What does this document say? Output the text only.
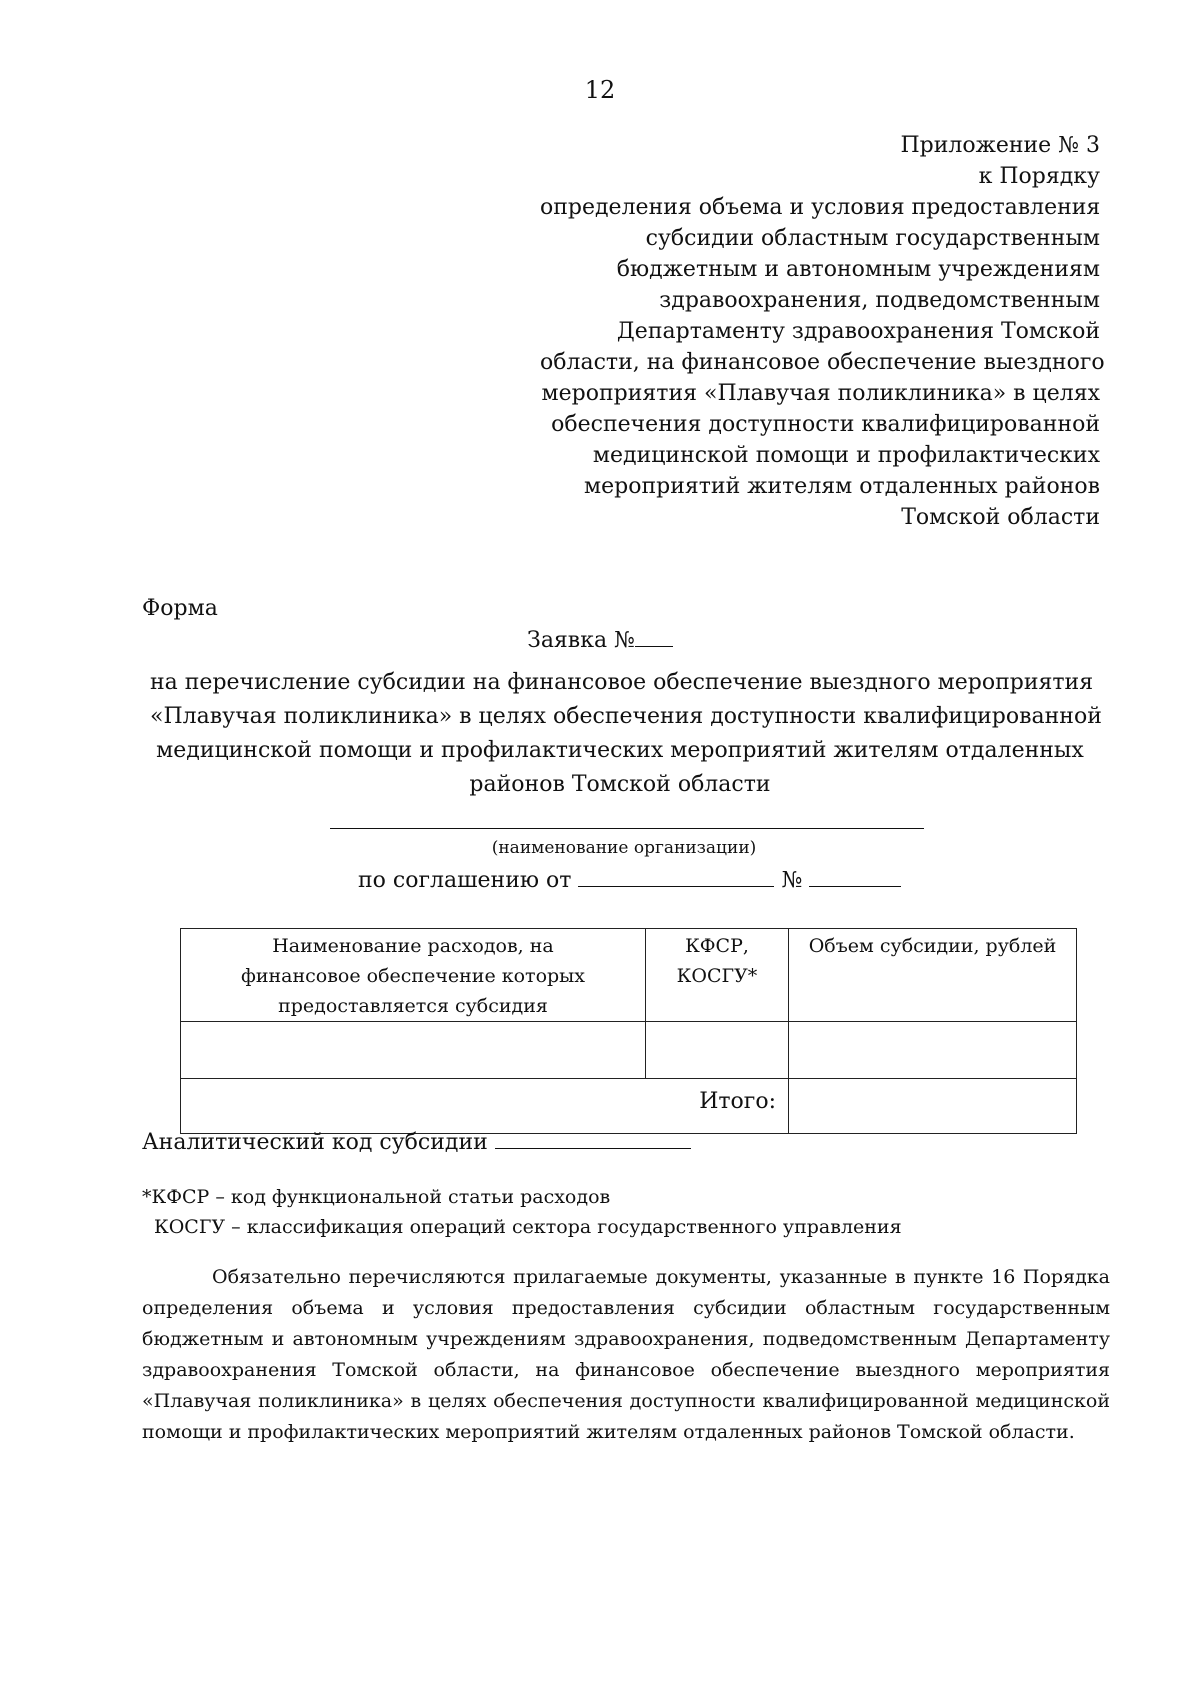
12
Приложение № 3
к Порядку
определения объема и условия предоставления
субсидии областным государственным
бюджетным и автономным учреждениям
здравоохранения, подведомственным
Департаменту здравоохранения Томской
области, на финансовое обеспечение выездного
мероприятия «Плавучая поликлиника» в целях
обеспечения доступности квалифицированной
медицинской помощи и профилактических
мероприятий жителям отдаленных районов
Томской области
Форма
Заявка №
на перечисление субсидии на финансовое обеспечение выездного мероприятия
«Плавучая поликлиника» в целях обеспечения доступности квалифицированной
медицинской помощи и профилактических мероприятий жителям отдаленных
районов Томской области
(наименование организации)
по соглашению от	№
Наименование расходов, на финансовое обеспечение которых предоставляется субсидия	КФСР, КОСГУ*	Объем субсидии, рублей

Итого:		
Аналитический код субсидии
*КФСР – код функциональной статьи расходов
КОСГУ – классификация операций сектора государственного управления
Обязательно перечисляются прилагаемые документы, указанные в пункте 16 Порядка определения объема и условия предоставления субсидии областным государственным бюджетным и автономным учреждениям здравоохранения, подведомственным Департаменту здравоохранения Томской области, на финансовое обеспечение выездного мероприятия «Плавучая поликлиника» в целях обеспечения доступности квалифицированной медицинской помощи и профилактических мероприятий жителям отдаленных районов Томской области.
